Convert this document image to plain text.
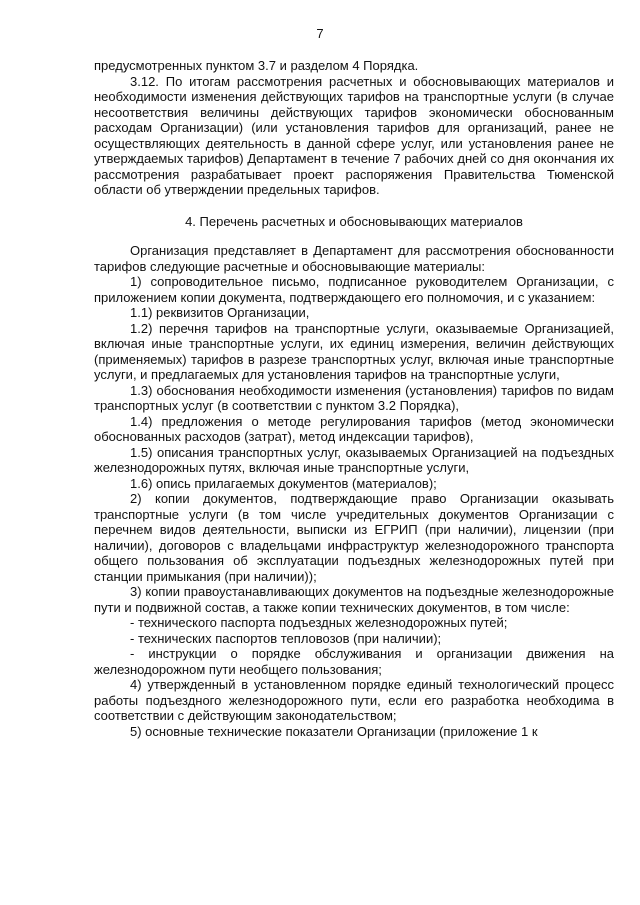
7

предусмотренных пунктом 3.7 и разделом 4 Порядка.

3.12. По итогам рассмотрения расчетных и обосновывающих материалов и необходимости изменения действующих тарифов на транспортные услуги (в случае несоответствия величины действующих тарифов экономически обоснованным расходам Организации) (или установления тарифов для организаций, ранее не осуществляющих деятельность в данной сфере услуг, или установления ранее не утверждаемых тарифов) Департамент в течение 7 рабочих дней со дня окончания их рассмотрения разрабатывает проект распоряжения Правительства Тюменской области об утверждении предельных тарифов.

4. Перечень расчетных и обосновывающих материалов

Организация представляет в Департамент для рассмотрения обоснованности тарифов следующие расчетные и обосновывающие материалы:

1) сопроводительное письмо, подписанное руководителем Организации, с приложением копии документа, подтверждающего его полномочия, и с указанием:

1.1) реквизитов Организации,

1.2) перечня тарифов на транспортные услуги, оказываемые Организацией, включая иные транспортные услуги, их единиц измерения, величин действующих (применяемых) тарифов в разрезе транспортных услуг, включая иные транспортные услуги, и предлагаемых для установления тарифов на транспортные услуги,

1.3) обоснования необходимости изменения (установления) тарифов по видам транспортных услуг (в соответствии с пунктом 3.2 Порядка),

1.4) предложения о методе регулирования тарифов (метод экономически обоснованных расходов (затрат), метод индексации тарифов),

1.5) описания транспортных услуг, оказываемых Организацией на подъездных железнодорожных путях, включая иные транспортные услуги,

1.6) опись прилагаемых документов (материалов);

2) копии документов, подтверждающие право Организации оказывать транспортные услуги (в том числе учредительных документов Организации с перечнем видов деятельности, выписки из ЕГРИП (при наличии), лицензии (при наличии), договоров с владельцами инфраструктур железнодорожного транспорта общего пользования об эксплуатации подъездных железнодорожных путей при станции примыкания (при наличии));

3) копии правоустанавливающих документов на подъездные железнодорожные пути и подвижной состав, а также копии технических документов, в том числе:

- технического паспорта подъездных железнодорожных путей;

- технических паспортов тепловозов (при наличии);

- инструкции о порядке обслуживания и организации движения на железнодорожном пути необщего пользования;

4) утвержденный в установленном порядке единый технологический процесс работы подъездного железнодорожного пути, если его разработка необходима в соответствии с действующим законодательством;

5) основные технические показатели Организации (приложение 1 к
